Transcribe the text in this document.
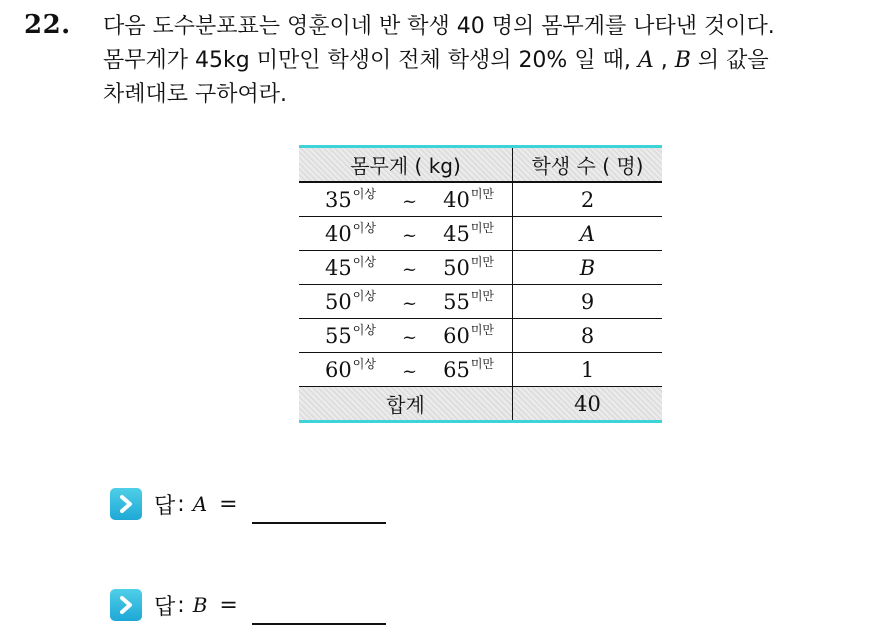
22. 다음 도수분포표는 영훈이네 반 학생 40 명의 몸무게를 나타낸 것이다.
몸무게가 45kg 미만인 학생이 전체 학생의 20% 일 때, A , B 의 값을
차례대로 구하여라.
몸무게 ( kg)	학생 수 ( 명)

$35^{이상}$ ~ $40^{미만}$	2

$40^{이상}$ ~ $45^{미만}$	A

$45^{이상}$ ~ $50^{미만}$	B

$50^{이상}$ ~ $55^{미만}$	9

$55^{이상}$ ~ $60^{미만}$	8

$60^{이상}$ ~ $65^{미만}$	1
합계	40
답 : A =
답 : B =
